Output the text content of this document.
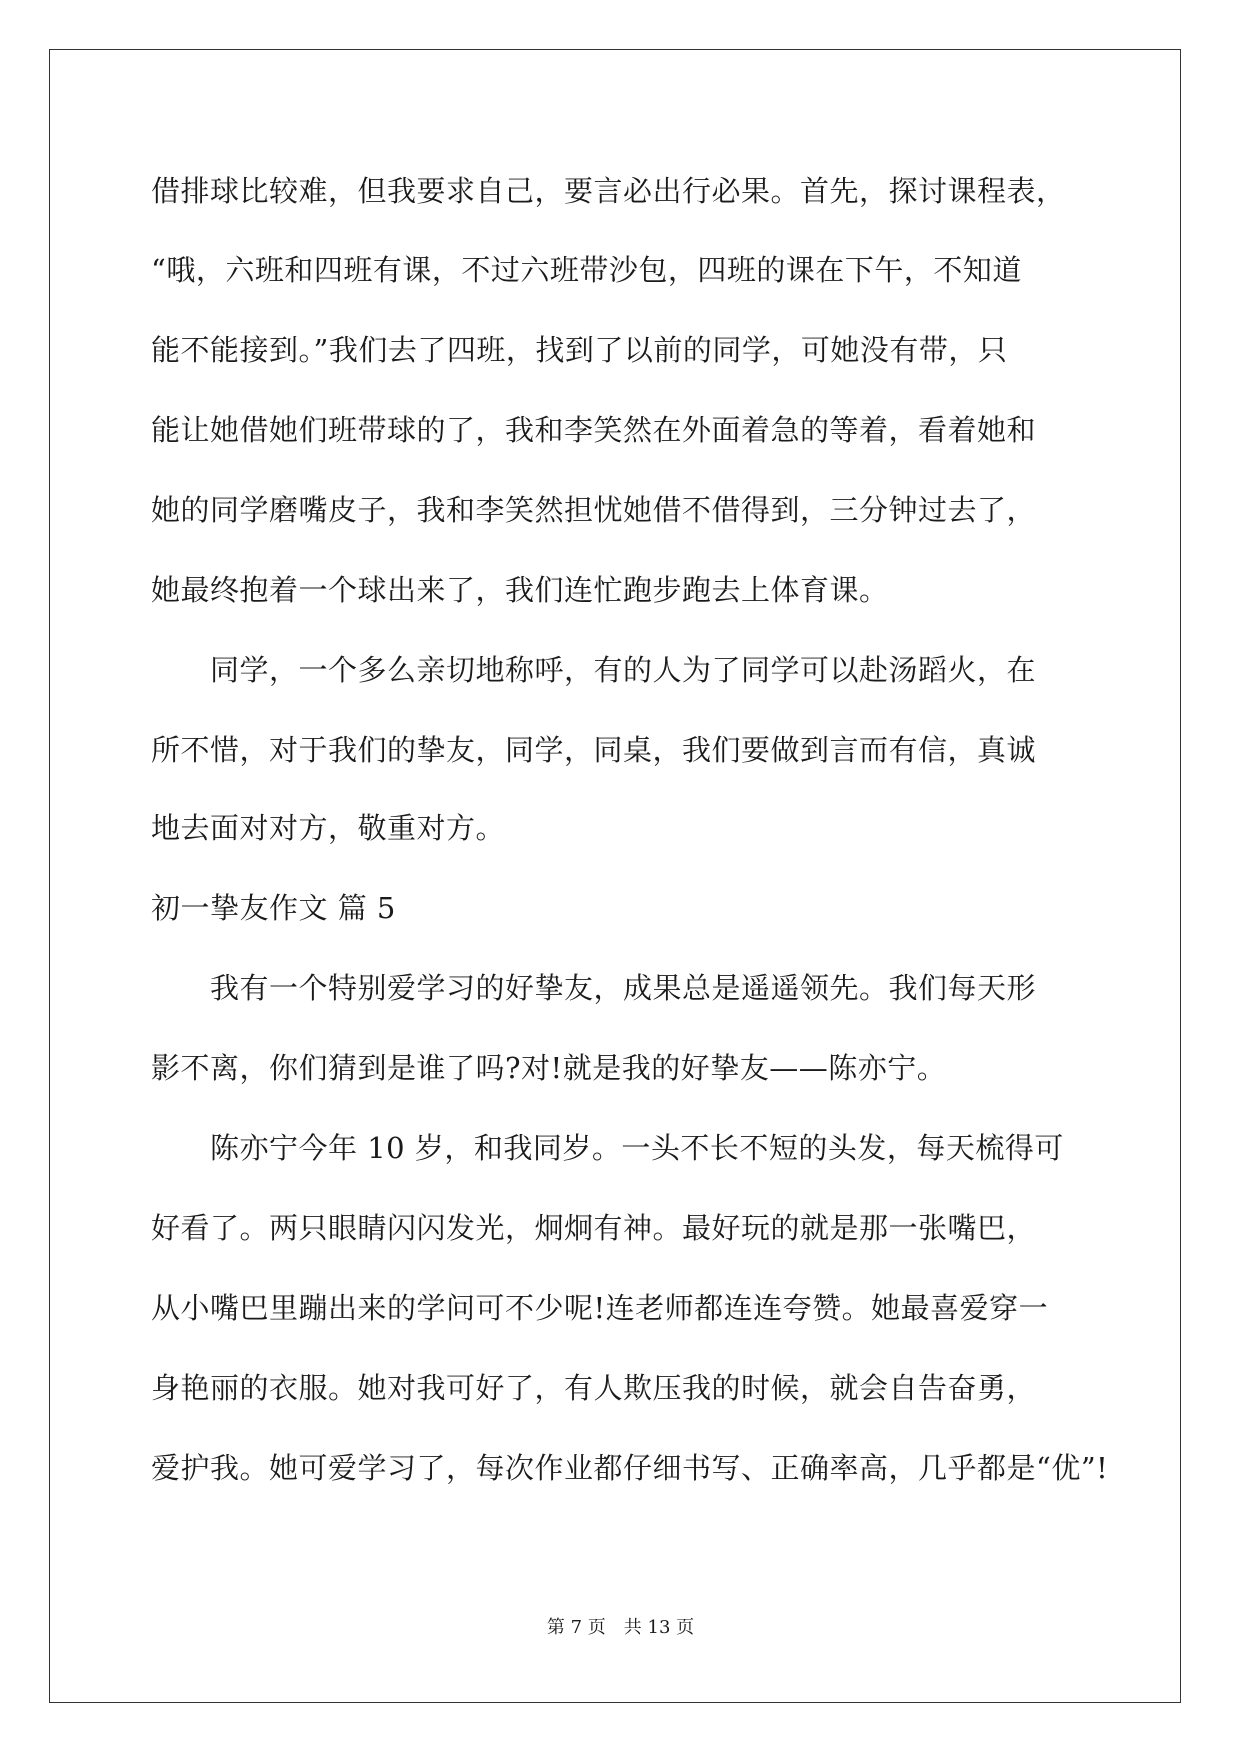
借排球比较难，但我要求自己，要言必出行必果。首先，探讨课程表，
“哦，六班和四班有课，不过六班带沙包，四班的课在下午，不知道
能不能接到。”我们去了四班，找到了以前的同学，可她没有带，只
能让她借她们班带球的了，我和李笑然在外面着急的等着，看着她和
她的同学磨嘴皮子，我和李笑然担忧她借不借得到，三分钟过去了，
她最终抱着一个球出来了，我们连忙跑步跑去上体育课。
　　同学，一个多么亲切地称呼，有的人为了同学可以赴汤蹈火，在
所不惜，对于我们的挚友，同学，同桌，我们要做到言而有信，真诚
地去面对对方，敬重对方。
初一挚友作文 篇 5
　　我有一个特别爱学习的好挚友，成果总是遥遥领先。我们每天形
影不离，你们猜到是谁了吗?对!就是我的好挚友——陈亦宁。
　　陈亦宁今年 10 岁，和我同岁。一头不长不短的头发，每天梳得可
好看了。两只眼睛闪闪发光，炯炯有神。最好玩的就是那一张嘴巴，
从小嘴巴里蹦出来的学问可不少呢!连老师都连连夸赞。她最喜爱穿一
身艳丽的衣服。她对我可好了，有人欺压我的时候，就会自告奋勇，
爱护我。她可爱学习了，每次作业都仔细书写、正确率高，几乎都是“优”!
第 7 页　共 13 页
